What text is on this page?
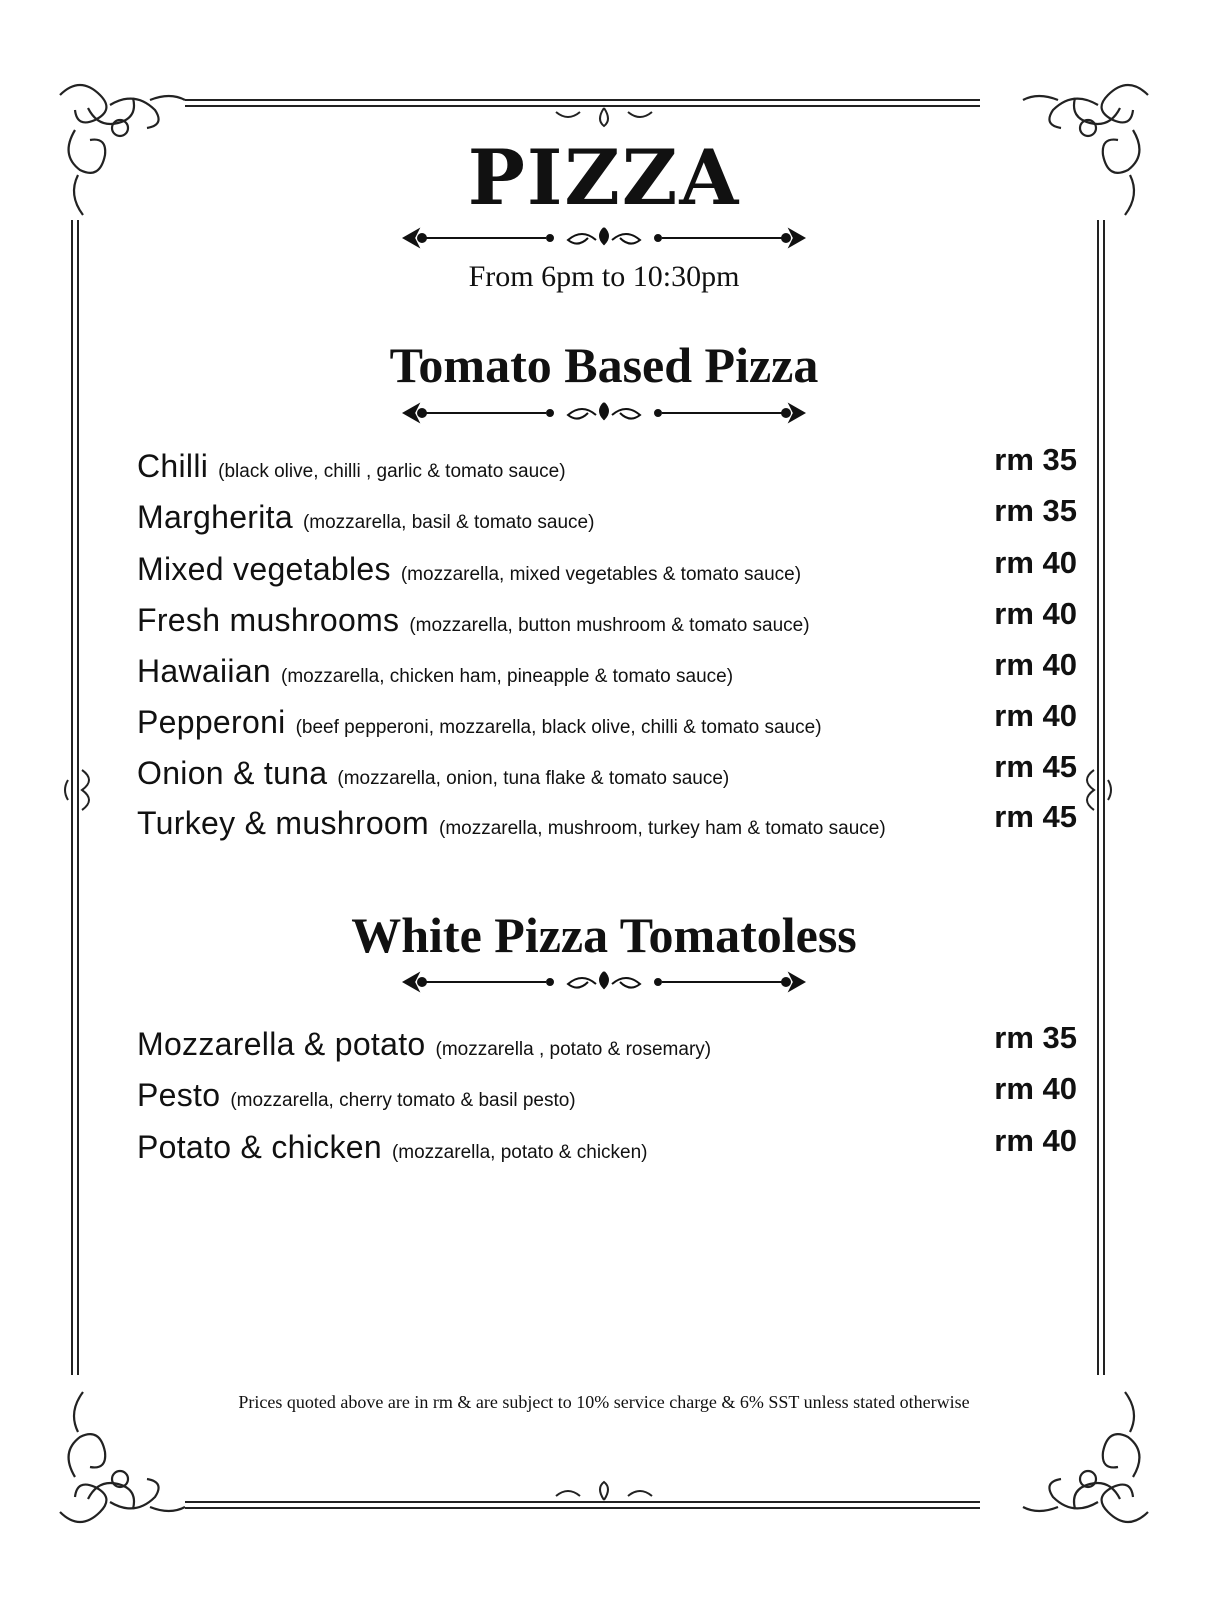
PIZZA
From 6pm to 10:30pm
Tomato Based Pizza
Chilli (black olive, chilli , garlic & tomato sauce)	rm 35
Margherita (mozzarella, basil & tomato sauce)	rm 35
Mixed vegetables (mozzarella, mixed vegetables & tomato sauce)	rm 40
Fresh mushrooms (mozzarella, button mushroom & tomato sauce)	rm 40
Hawaiian (mozzarella, chicken ham, pineapple & tomato sauce)	rm 40
Pepperoni (beef pepperoni, mozzarella, black olive, chilli & tomato sauce)	rm 40
Onion & tuna (mozzarella, onion, tuna flake & tomato sauce)	rm 45
Turkey & mushroom (mozzarella, mushroom, turkey ham & tomato sauce)	rm 45
White Pizza Tomatoless
Mozzarella & potato (mozzarella , potato & rosemary)	rm 35
Pesto (mozzarella, cherry tomato & basil pesto)	rm 40
Potato & chicken (mozzarella, potato & chicken)	rm 40
Prices quoted above are in rm & are subject to 10% service charge & 6% SST unless stated otherwise
